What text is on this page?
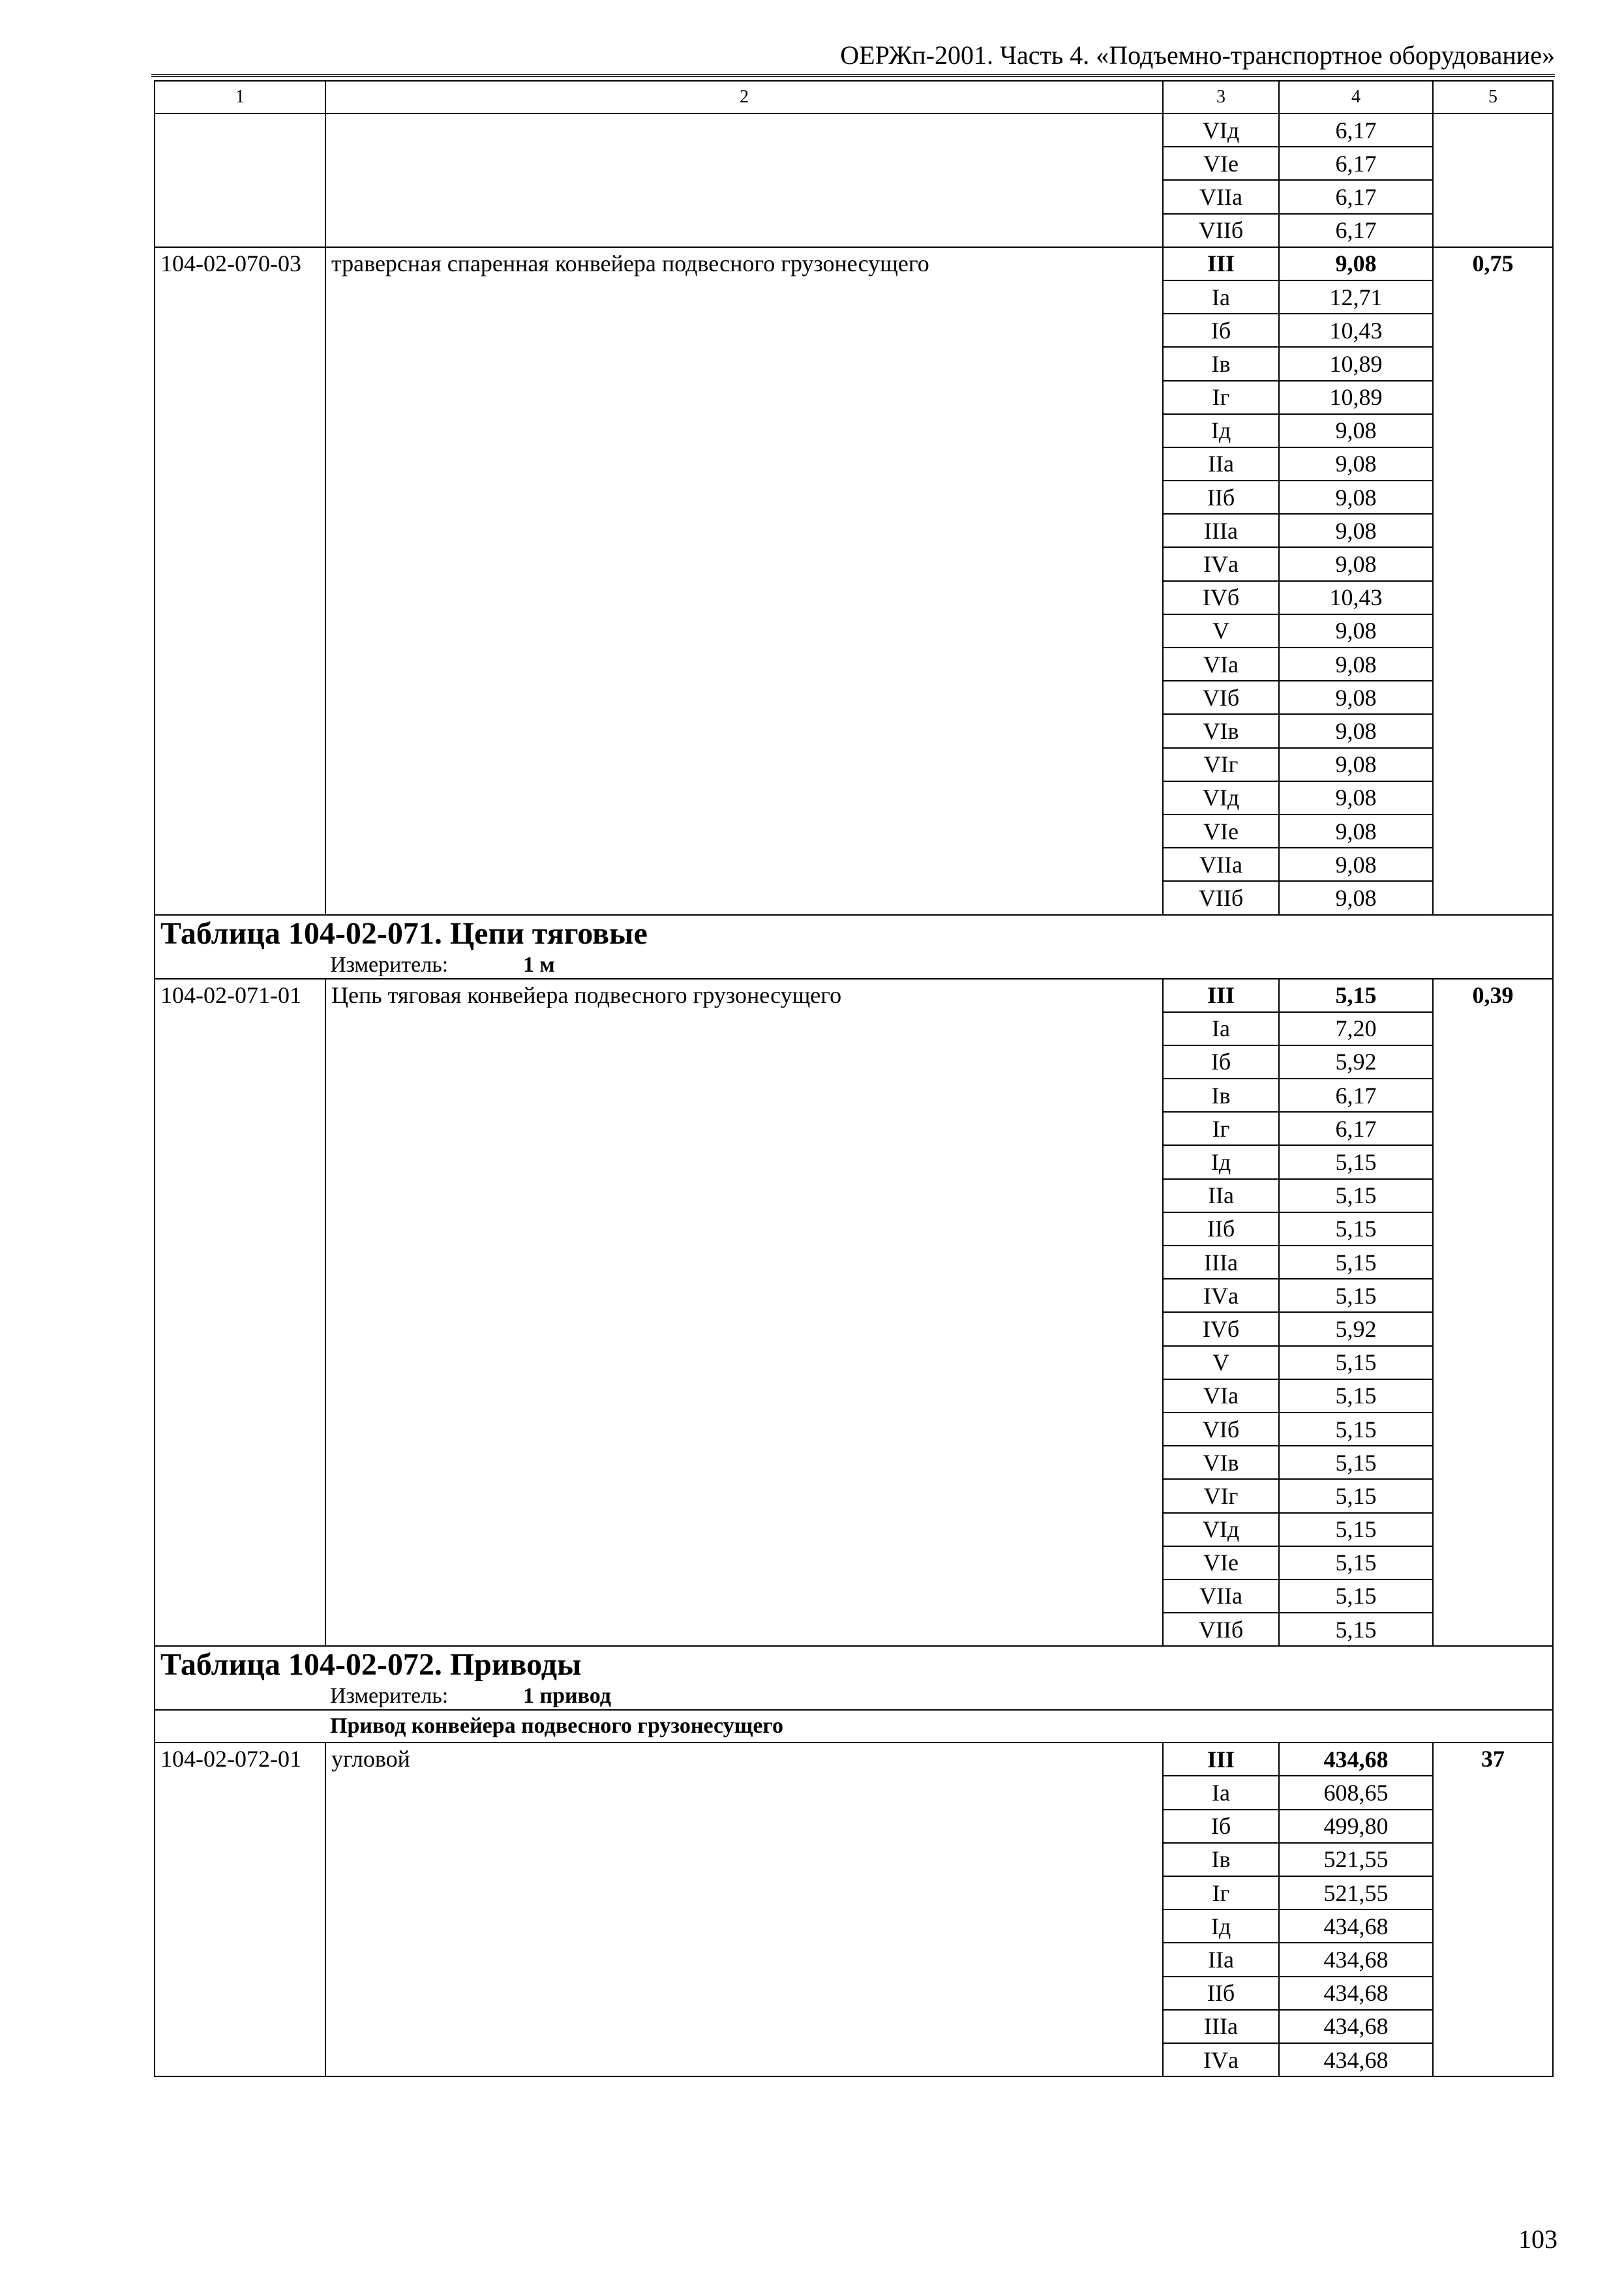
ОЕРЖп-2001. Часть 4. «Подъемно-транспортное оборудование»
1	2	3	4	5
		VIд	6,17	
		VIе	6,17	
		VIIа	6,17	
		VIIб	6,17	
104-02-070-03	траверсная спаренная конвейера подвесного грузонесущего	III	9,08	0,75
		Iа	12,71	
		Iб	10,43	
		Iв	10,89	
		Iг	10,89	
		Iд	9,08	
		IIа	9,08	
		IIб	9,08	
		IIIа	9,08	
		IVа	9,08	
		IVб	10,43	
		V	9,08	
		VIа	9,08	
		VIб	9,08	
		VIв	9,08	
		VIг	9,08	
		VIд	9,08	
		VIе	9,08	
		VIIа	9,08	
		VIIб	9,08	
Таблица 104-02-071. Цепи тяговые				
Измеритель: 1 м				
104-02-071-01	Цепь тяговая конвейера подвесного грузонесущего	III	5,15	0,39
		Iа	7,20	
		Iб	5,92	
		Iв	6,17	
		Iг	6,17	
		Iд	5,15	
		IIа	5,15	
		IIб	5,15	
		IIIа	5,15	
		IVа	5,15	
		IVб	5,92	
		V	5,15	
		VIа	5,15	
		VIб	5,15	
		VIв	5,15	
		VIг	5,15	
		VIд	5,15	
		VIе	5,15	
		VIIа	5,15	
		VIIб	5,15	
Таблица 104-02-072. Приводы				
Измеритель: 1 привод				
Привод конвейера подвесного грузонесущего				
104-02-072-01	угловой	III	434,68	37
		Iа	608,65	
		Iб	499,80	
		Iв	521,55	
		Iг	521,55	
		Iд	434,68	
		IIа	434,68	
		IIб	434,68	
		IIIа	434,68	
		IVа	434,68	
103
